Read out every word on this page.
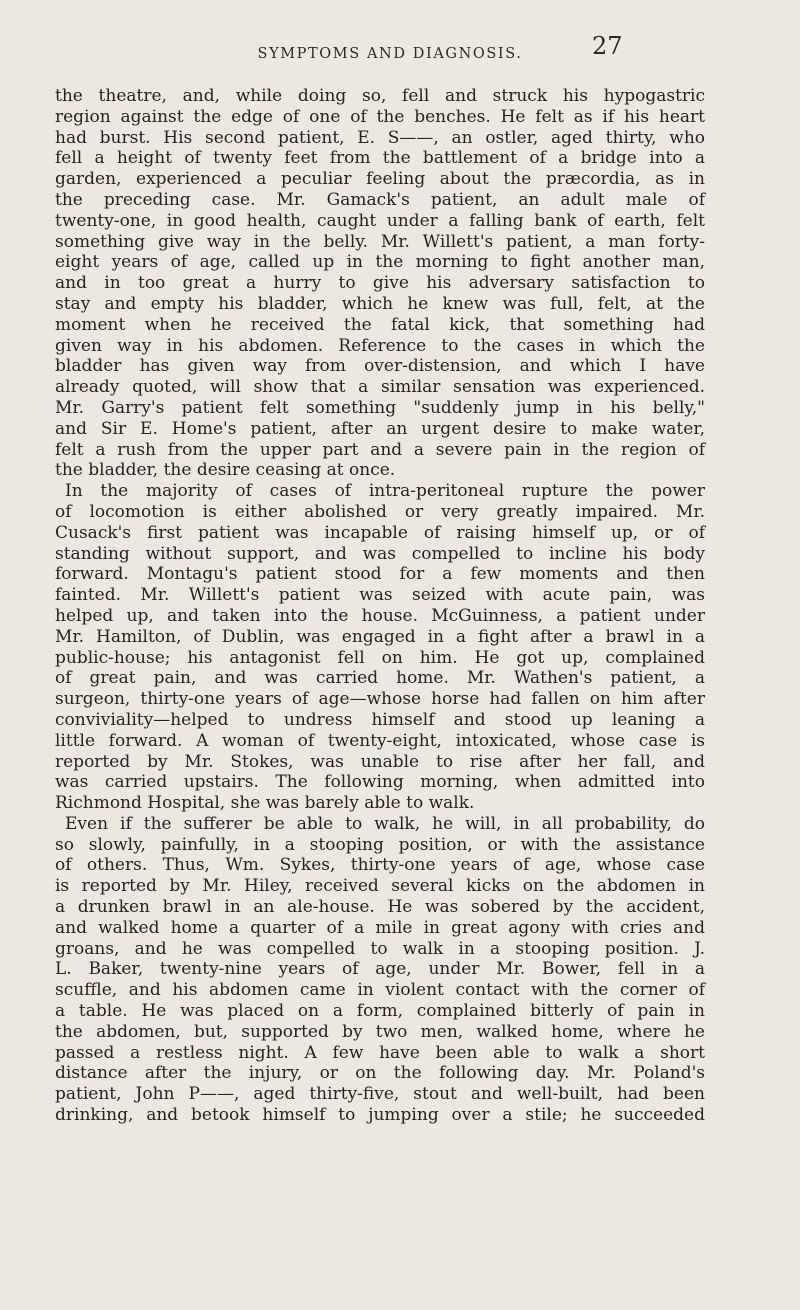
SYMPTOMS AND DIAGNOSIS.	27
the theatre, and, while doing so, fell and struck his hypogastric
region against the edge of one of the benches. He felt as if his heart
had burst. His second patient, E. S——, an ostler, aged thirty, who
fell a height of twenty feet from the battlement of a bridge into a
garden, experienced a peculiar feeling about the præcordia, as in
the preceding case. Mr. Gamack's patient, an adult male of
twenty-one, in good health, caught under a falling bank of earth, felt
something give way in the belly. Mr. Willett's patient, a man forty-
eight years of age, called up in the morning to fight another man,
and in too great a hurry to give his adversary satisfaction to
stay and empty his bladder, which he knew was full, felt, at the
moment when he received the fatal kick, that something had
given way in his abdomen. Reference to the cases in which the
bladder has given way from over-distension, and which I have
already quoted, will show that a similar sensation was experienced.
Mr. Garry's patient felt something "suddenly jump in his belly,"
and Sir E. Home's patient, after an urgent desire to make water,
felt a rush from the upper part and a severe pain in the region of
the bladder, the desire ceasing at once.
In the majority of cases of intra-peritoneal rupture the power
of locomotion is either abolished or very greatly impaired. Mr.
Cusack's first patient was incapable of raising himself up, or of
standing without support, and was compelled to incline his body
forward. Montagu's patient stood for a few moments and then
fainted. Mr. Willett's patient was seized with acute pain, was
helped up, and taken into the house. McGuinness, a patient under
Mr. Hamilton, of Dublin, was engaged in a fight after a brawl in a
public-house; his antagonist fell on him. He got up, complained
of great pain, and was carried home. Mr. Wathen's patient, a
surgeon, thirty-one years of age—whose horse had fallen on him after
conviviality—helped to undress himself and stood up leaning a
little forward. A woman of twenty-eight, intoxicated, whose case is
reported by Mr. Stokes, was unable to rise after her fall, and
was carried upstairs. The following morning, when admitted into
Richmond Hospital, she was barely able to walk.
Even if the sufferer be able to walk, he will, in all probability, do
so slowly, painfully, in a stooping position, or with the assistance
of others. Thus, Wm. Sykes, thirty-one years of age, whose case
is reported by Mr. Hiley, received several kicks on the abdomen in
a drunken brawl in an ale-house. He was sobered by the accident,
and walked home a quarter of a mile in great agony with cries and
groans, and he was compelled to walk in a stooping position. J.
L. Baker, twenty-nine years of age, under Mr. Bower, fell in a
scuffle, and his abdomen came in violent contact with the corner of
a table. He was placed on a form, complained bitterly of pain in
the abdomen, but, supported by two men, walked home, where he
passed a restless night. A few have been able to walk a short
distance after the injury, or on the following day. Mr. Poland's
patient, John P——, aged thirty-five, stout and well-built, had been
drinking, and betook himself to jumping over a stile; he succeeded
